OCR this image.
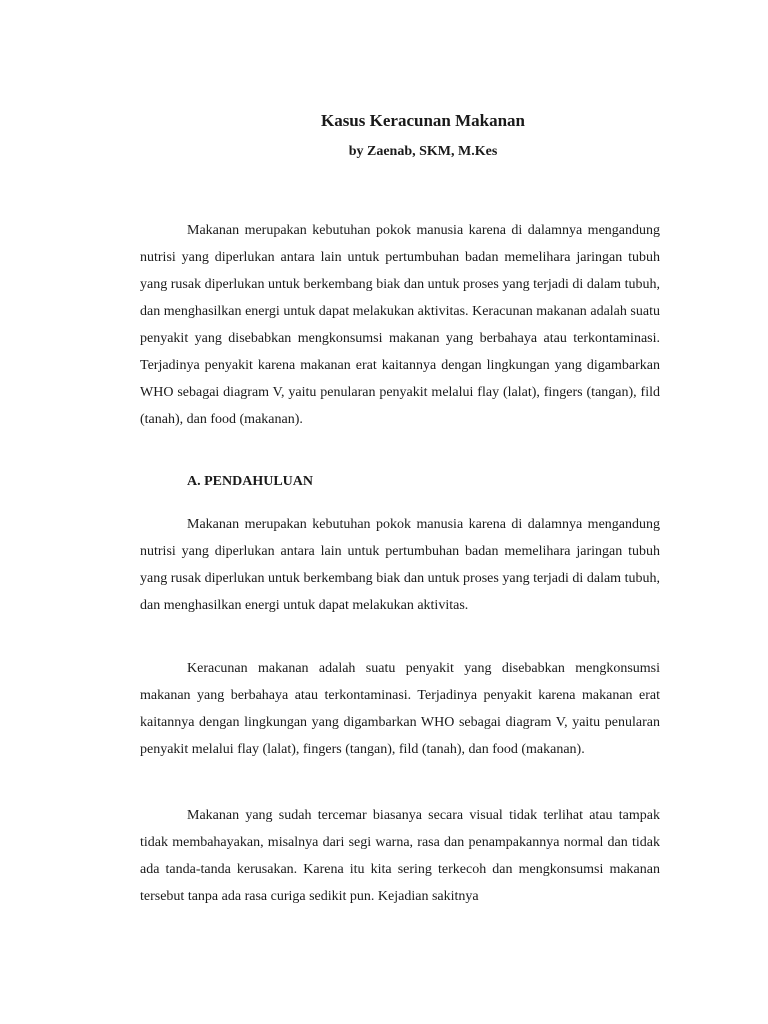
Kasus Keracunan Makanan
by Zaenab, SKM, M.Kes

Makanan merupakan kebutuhan pokok manusia karena di dalamnya mengandung nutrisi yang diperlukan antara lain untuk pertumbuhan badan memelihara jaringan tubuh yang rusak diperlukan untuk berkembang biak dan untuk proses yang terjadi di dalam tubuh, dan menghasilkan energi untuk dapat melakukan aktivitas. Keracunan makanan adalah suatu penyakit yang disebabkan mengkonsumsi makanan yang berbahaya atau terkontaminasi. Terjadinya penyakit karena makanan erat kaitannya dengan lingkungan yang digambarkan WHO sebagai diagram V, yaitu penularan penyakit melalui flay (lalat), fingers (tangan), fild (tanah), dan food (makanan).

A. PENDAHULUAN

Makanan merupakan kebutuhan pokok manusia karena di dalamnya mengandung nutrisi yang diperlukan antara lain untuk pertumbuhan badan memelihara jaringan tubuh yang rusak diperlukan untuk berkembang biak dan untuk proses yang terjadi di dalam tubuh, dan menghasilkan energi untuk dapat melakukan aktivitas.

Keracunan makanan adalah suatu penyakit yang disebabkan mengkonsumsi makanan yang berbahaya atau terkontaminasi. Terjadinya penyakit karena makanan erat kaitannya dengan lingkungan yang digambarkan WHO sebagai diagram V, yaitu penularan penyakit melalui flay (lalat), fingers (tangan), fild (tanah), dan food (makanan).

Makanan yang sudah tercemar biasanya secara visual tidak terlihat atau tampak tidak membahayakan, misalnya dari segi warna, rasa dan penampakannya normal dan tidak ada tanda-tanda kerusakan. Karena itu kita sering terkecoh dan mengkonsumsi makanan tersebut tanpa ada rasa curiga sedikit pun. Kejadian sakitnya
